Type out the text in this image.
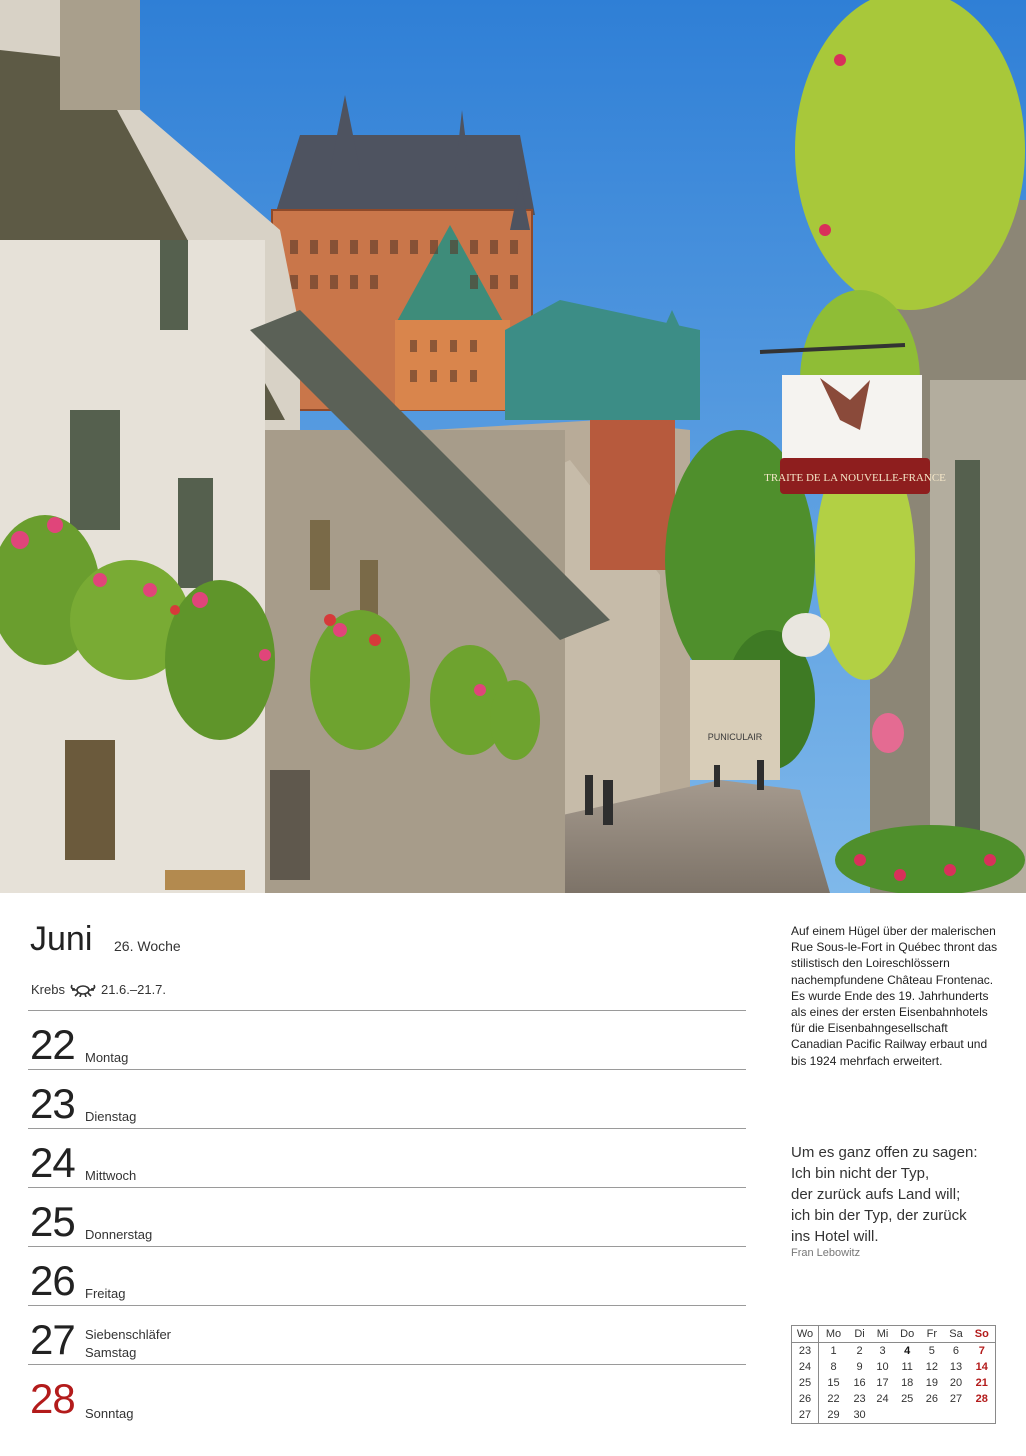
TRAITE DE LA NOUVELLE-FRANCE
PUNICULAIR
Juni 26. Woche
Krebs	21.6.–21.7.
22 Montag
23 Dienstag
24 Mittwoch
25 Donnerstag
26 Freitag
27 Siebenschläfer
Samstag
28 Sonntag
Auf einem Hügel über der malerischen Rue Sous-le-Fort in Québec thront das stilistisch den Loireschlössern nachempfundene Château Frontenac. Es wurde Ende des 19. Jahrhunderts als eines der ersten Eisenbahnhotels für die Eisenbahngesellschaft Canadian Pacific Railway erbaut und bis 1924 mehrfach erweitert.
Um es ganz offen zu sagen:
Ich bin nicht der Typ,
der zurück aufs Land will;
ich bin der Typ, der zurück
ins Hotel will.
Fran Lebowitz
Wo	Mo	Di	Mi	Do	Fr	Sa	So
23	1	2	3	4	5	6	7
24	8	9	10	11	12	13	14
25	15	16	17	18	19	20	21
26	22	23	24	25	26	27	28
27	29	30					
